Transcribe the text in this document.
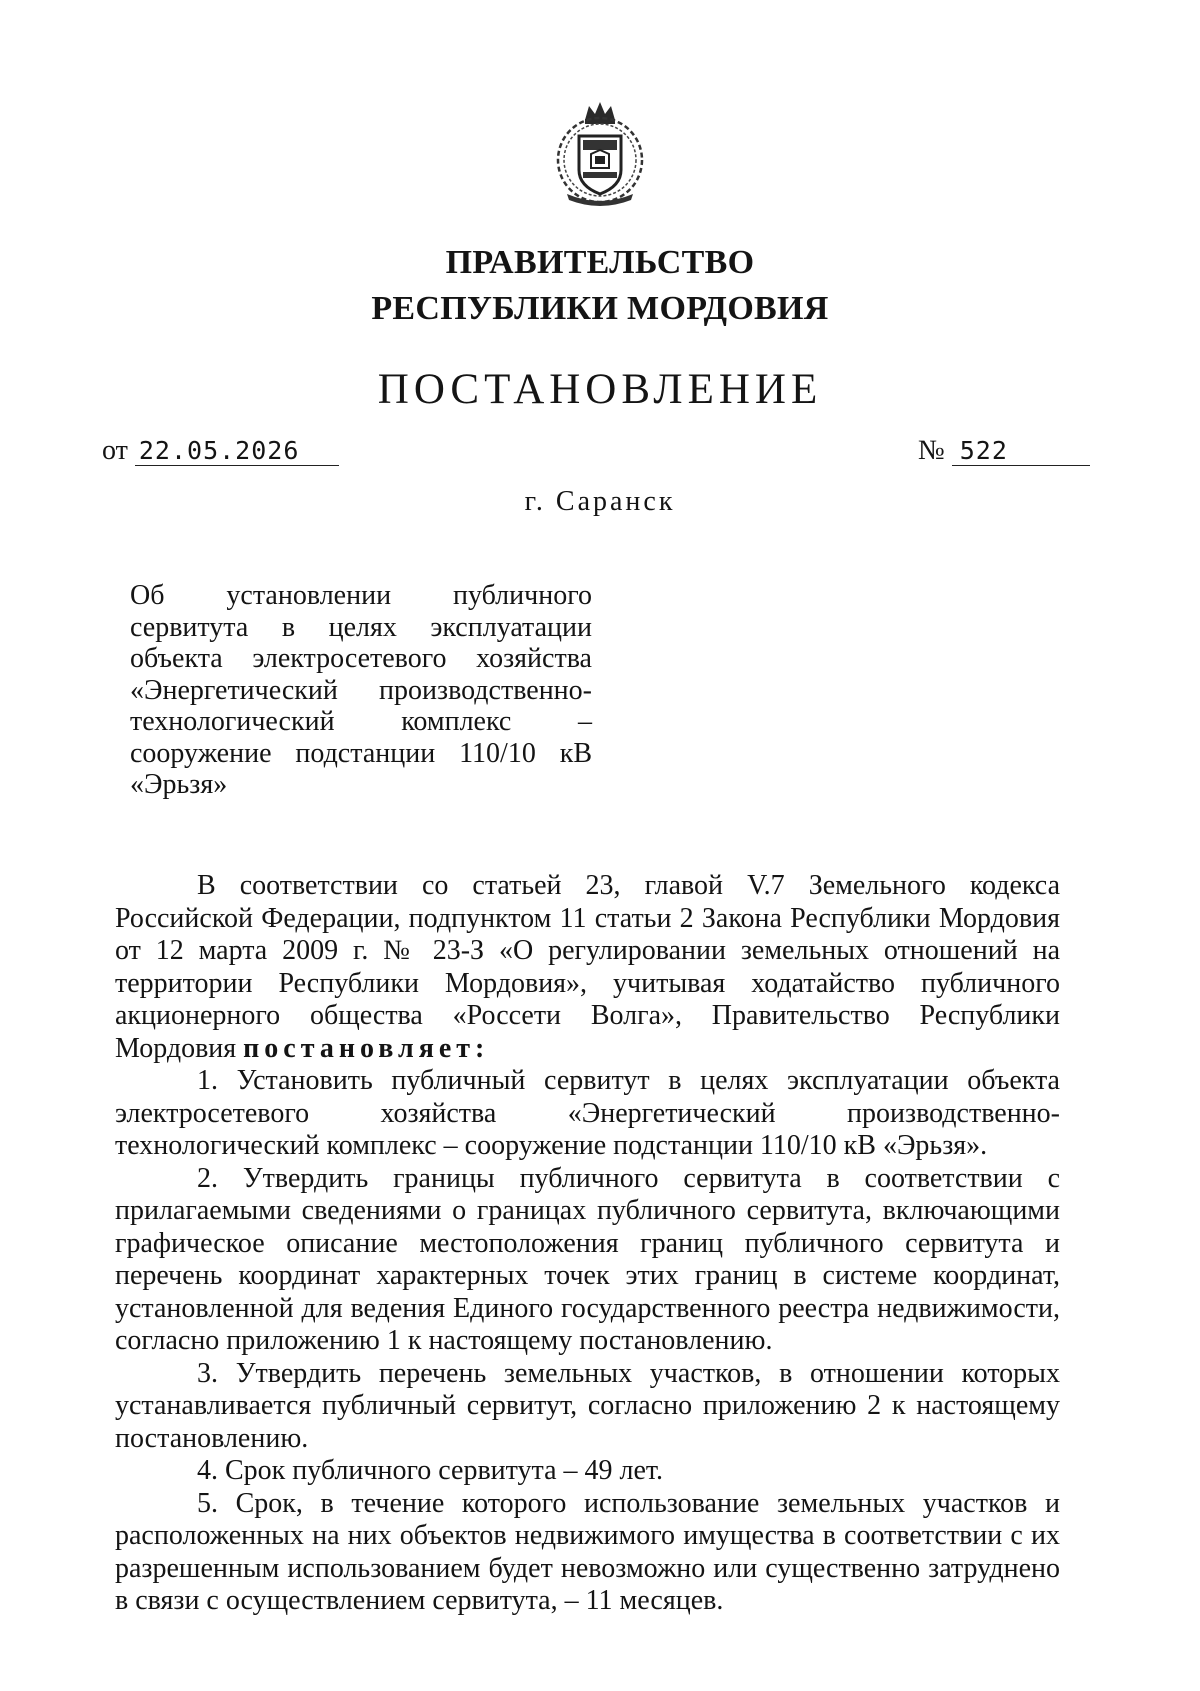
ПРАВИТЕЛЬСТВО
РЕСПУБЛИКИ МОРДОВИЯ
ПОСТАНОВЛЕНИЕ
от 22.05.2026	№ 522
г. Саранск
Об установлении публичного
сервитута в целях эксплуатации
объекта электросетевого хозяйства
«Энергетический производственно-
технологический комплекс –
сооружение подстанции 110/10 кВ
«Эрьзя»

В соответствии со статьей 23, главой V.7 Земельного кодекса Российской Федерации, подпунктом 11 статьи 2 Закона Республики Мордовия от 12 марта 2009 г. № 23-З «О регулировании земельных отношений на территории Республики Мордовия», учитывая ходатайство публичного акционерного общества «Россети Волга», Правительство Республики Мордовия постановляет:

1. Установить публичный сервитут в целях эксплуатации объекта электросетевого хозяйства «Энергетический производственно-технологический комплекс – сооружение подстанции 110/10 кВ «Эрьзя».

2. Утвердить границы публичного сервитута в соответствии с прилагаемыми сведениями о границах публичного сервитута, включающими графическое описание местоположения границ публичного сервитута и перечень координат характерных точек этих границ в системе координат, установленной для ведения Единого государственного реестра недвижимости, согласно приложению 1 к настоящему постановлению.

3. Утвердить перечень земельных участков, в отношении которых устанавливается публичный сервитут, согласно приложению 2 к настоящему постановлению.

4. Срок публичного сервитута – 49 лет.

5. Срок, в течение которого использование земельных участков и расположенных на них объектов недвижимого имущества в соответствии с их разрешенным использованием будет невозможно или существенно затруднено в связи с осуществлением сервитута, – 11 месяцев.
